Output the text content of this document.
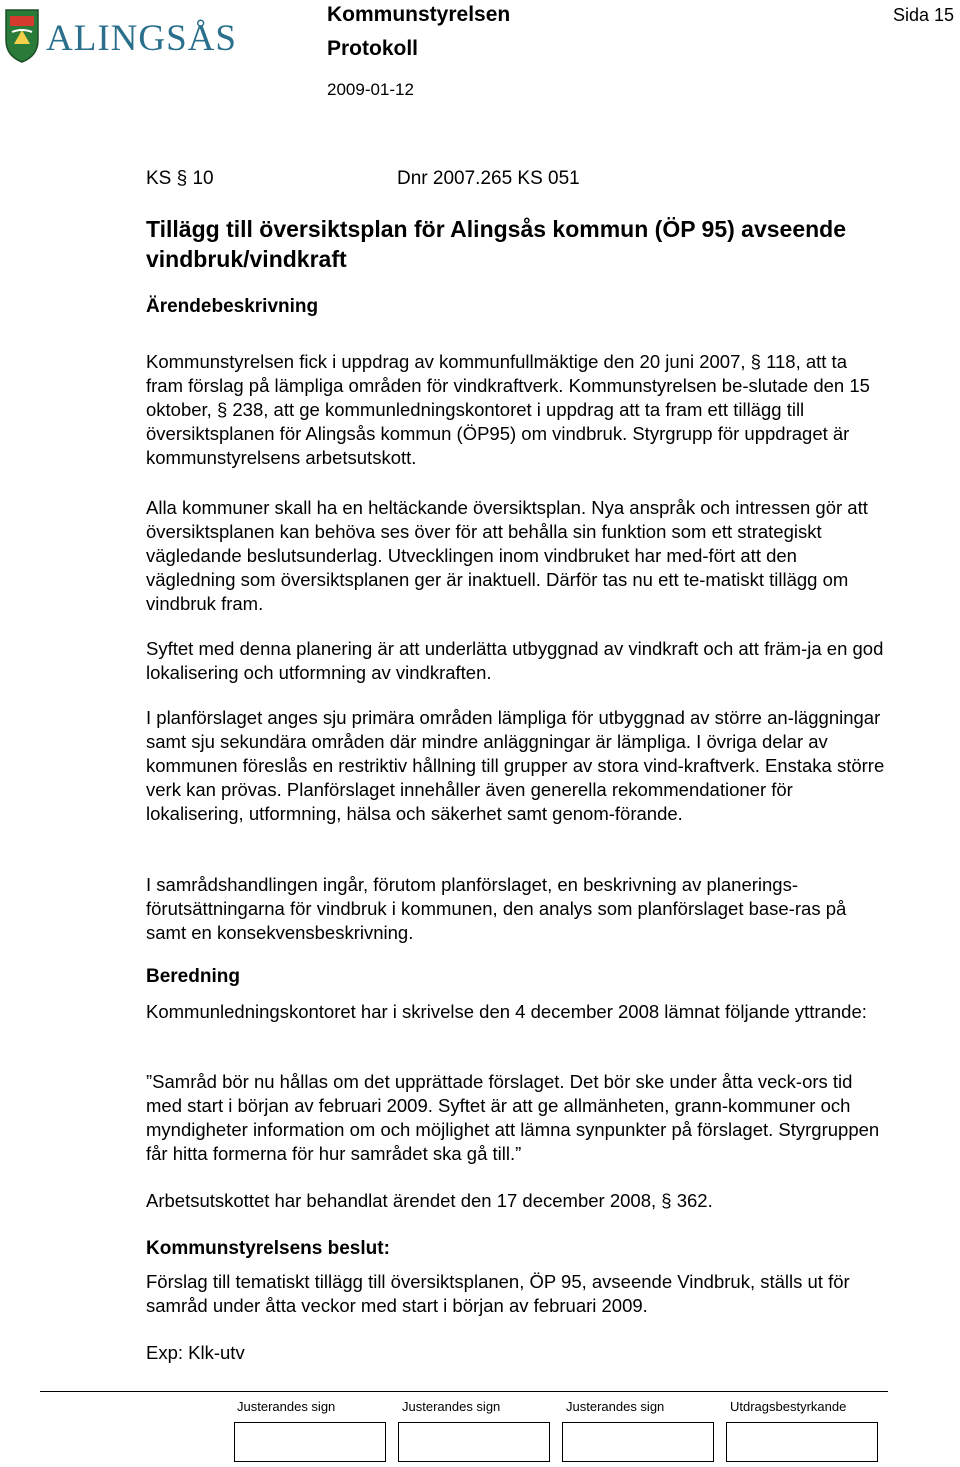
ALINGSÅS
Kommunstyrelsen
Protokoll
2009-01-12
Sida 15
KS § 10	Dnr 2007.265 KS 051
Tillägg till översiktsplan för Alingsås kommun (ÖP 95) avseende vindbruk/vindkraft
Ärendebeskrivning

Kommunstyrelsen fick i uppdrag av kommunfullmäktige den 20 juni 2007, § 118, att ta fram förslag på lämpliga områden för vindkraftverk. Kommunstyrelsen be-slutade den 15 oktober, § 238, att ge kommunledningskontoret i uppdrag att ta fram ett tillägg till översiktsplanen för Alingsås kommun (ÖP95) om vindbruk. Styrgrupp för uppdraget är kommunstyrelsens arbetsutskott.

Alla kommuner skall ha en heltäckande översiktsplan. Nya anspråk och intressen gör att översiktsplanen kan behöva ses över för att behålla sin funktion som ett strategiskt vägledande beslutsunderlag. Utvecklingen inom vindbruket har med-fört att den vägledning som översiktsplanen ger är inaktuell. Därför tas nu ett te-matiskt tillägg om vindbruk fram.

Syftet med denna planering är att underlätta utbyggnad av vindkraft och att främ-ja en god lokalisering och utformning av vindkraften.

I planförslaget anges sju primära områden lämpliga för utbyggnad av större an-läggningar samt sju sekundära områden där mindre anläggningar är lämpliga. I övriga delar av kommunen föreslås en restriktiv hållning till grupper av stora vind-kraftverk. Enstaka större verk kan prövas. Planförslaget innehåller även generella rekommendationer för lokalisering, utformning, hälsa och säkerhet samt genom-förande.

I samrådshandlingen ingår, förutom planförslaget, en beskrivning av planerings-förutsättningarna för vindbruk i kommunen, den analys som planförslaget base-ras på samt en konsekvensbeskrivning.

Beredning

Kommunledningskontoret har i skrivelse den 4 december 2008 lämnat följande yttrande:

”Samråd bör nu hållas om det upprättade förslaget. Det bör ske under åtta veck-ors tid med start i början av februari 2009. Syftet är att ge allmänheten, grann-kommuner och myndigheter information om och möjlighet att lämna synpunkter på förslaget. Styrgruppen får hitta formerna för hur samrådet ska gå till.”

Arbetsutskottet har behandlat ärendet den 17 december 2008, § 362.

Kommunstyrelsens beslut:

Förslag till tematiskt tillägg till översiktsplanen, ÖP 95, avseende Vindbruk, ställs ut för samråd under åtta veckor med start i början av februari 2009.

Exp: Klk-utv

Justerandes sign	Justerandes sign	Justerandes sign	Utdragsbestyrkande
